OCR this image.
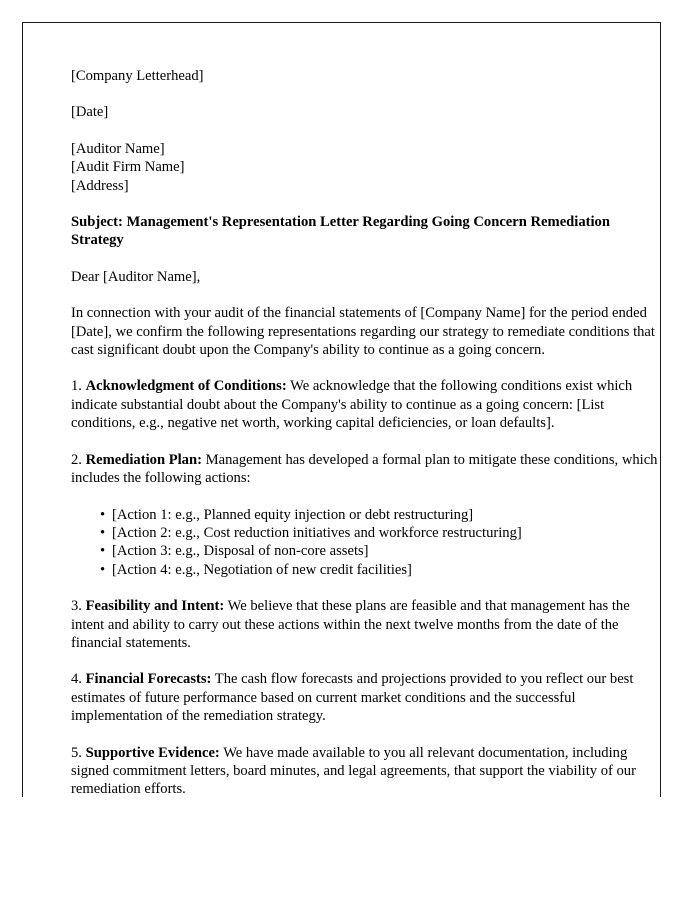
[Company Letterhead]
[Date]
[Auditor Name]
[Audit Firm Name]
[Address]
Subject: Management's Representation Letter Regarding Going Concern Remediation Strategy
Dear [Auditor Name],
In connection with your audit of the financial statements of [Company Name] for the period ended [Date], we confirm the following representations regarding our strategy to remediate conditions that cast significant doubt upon the Company's ability to continue as a going concern.
1. Acknowledgment of Conditions: We acknowledge that the following conditions exist which indicate substantial doubt about the Company's ability to continue as a going concern: [List conditions, e.g., negative net worth, working capital deficiencies, or loan defaults].
2. Remediation Plan: Management has developed a formal plan to mitigate these conditions, which includes the following actions:
• [Action 1: e.g., Planned equity injection or debt restructuring]
• [Action 2: e.g., Cost reduction initiatives and workforce restructuring]
• [Action 3: e.g., Disposal of non-core assets]
• [Action 4: e.g., Negotiation of new credit facilities]
3. Feasibility and Intent: We believe that these plans are feasible and that management has the intent and ability to carry out these actions within the next twelve months from the date of the financial statements.
4. Financial Forecasts: The cash flow forecasts and projections provided to you reflect our best estimates of future performance based on current market conditions and the successful implementation of the remediation strategy.
5. Supportive Evidence: We have made available to you all relevant documentation, including signed commitment letters, board minutes, and legal agreements, that support the viability of our remediation efforts.
